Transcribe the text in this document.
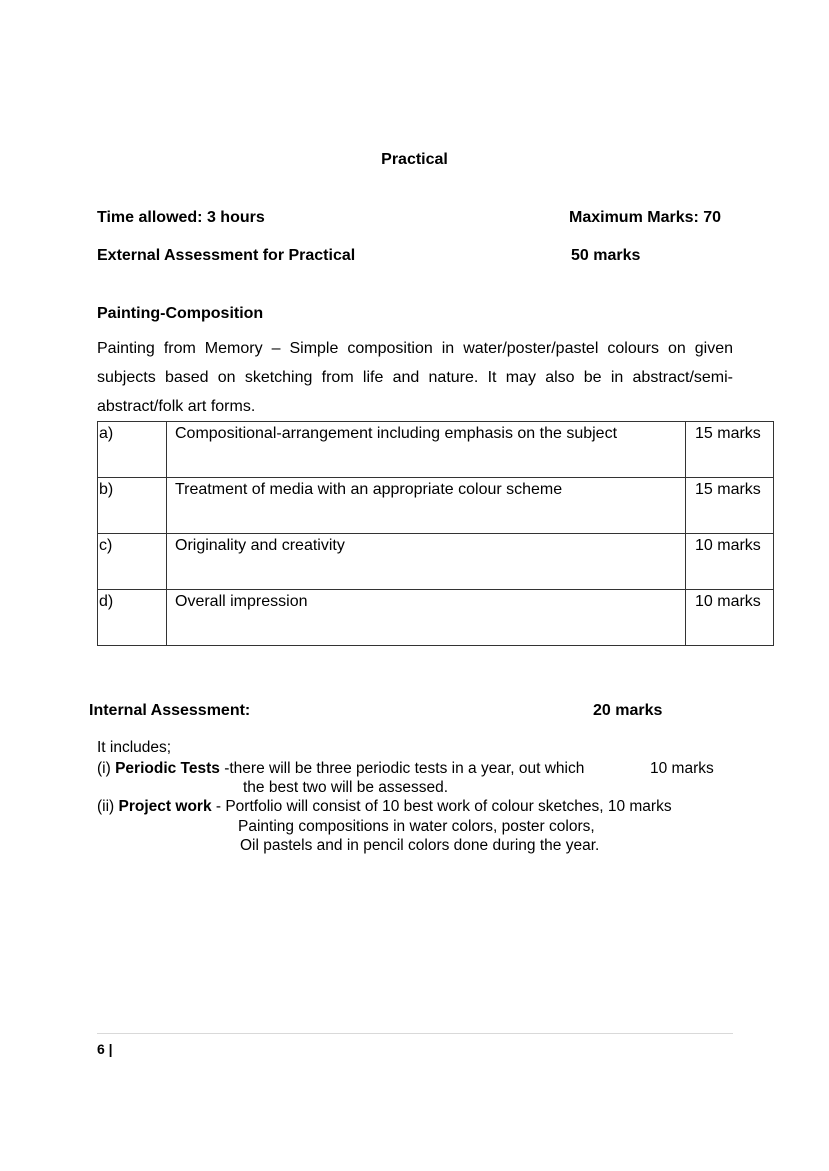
Practical
Time allowed: 3 hours	Maximum Marks: 70
External Assessment for Practical	50 marks
Painting-Composition
Painting from Memory – Simple composition in water/poster/pastel colours on given subjects based on sketching from life and nature. It may also be in abstract/semi-abstract/folk art forms.
a)	Compositional-arrangement including emphasis on the subject	15 marks
b)	Treatment of media with an appropriate colour scheme	15 marks
c)	Originality and creativity	10 marks
d)	Overall impression	10 marks
Internal Assessment:	20 marks
It includes;
(i) Periodic Tests -there will be three periodic tests in a year, out which	10 marks
the best two will be assessed.
(ii) Project work - Portfolio will consist of 10 best work of colour sketches, 10 marks
Painting compositions in water colors, poster colors,
Oil pastels and in pencil colors done during the year.
6 |
